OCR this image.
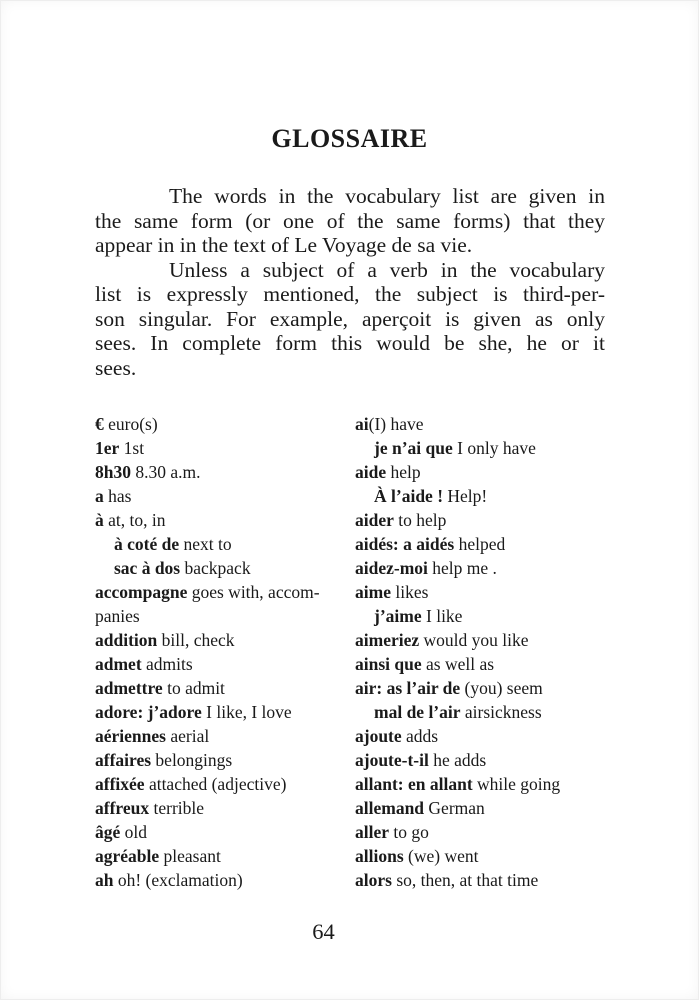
GLOSSAIRE
The words in the vocabulary list are given in
the same form (or one of the same forms) that they
appear in in the text of Le Voyage de sa vie.
Unless a subject of a verb in the vocabulary
list is expressly mentioned, the subject is third-per-
son singular. For example, aperçoit is given as only
sees. In complete form this would be she, he or it
sees.
€ euro(s)
1er 1st
8h30 8.30 a.m.
a has
à at, to, in
à coté de next to
sac à dos backpack
accompagne goes with, accom-
panies
addition bill, check
admet admits
admettre to admit
adore: j’adore I like, I love
aériennes aerial
affaires belongings
affixée attached (adjective)
affreux terrible
âgé old
agréable pleasant
ah oh! (exclamation)
ai(I) have
je n’ai que I only have
aide help
À l’aide ! Help!
aider to help
aidés: a aidés helped
aidez-moi help me .
aime likes
j’aime I like
aimeriez would you like
ainsi que as well as
air: as l’air de (you) seem
mal de l’air airsickness
ajoute adds
ajoute-t-il he adds
allant: en allant while going
allemand German
aller to go
allions (we) went
alors so, then, at that time
64
